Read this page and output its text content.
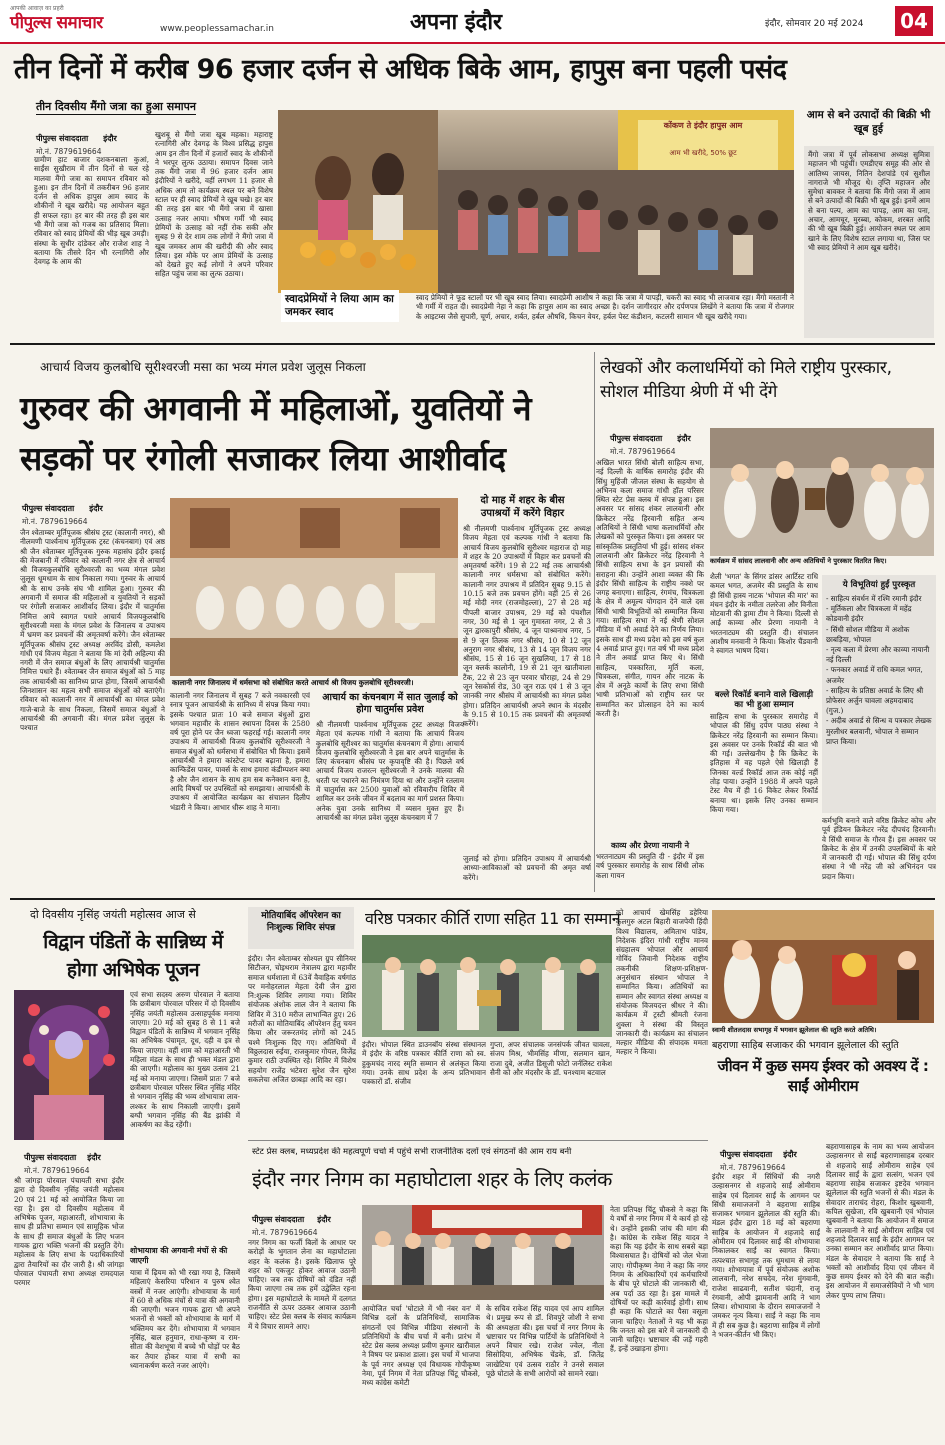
आपकी आवाज़ का प्रहरी
पीपुल्स समाचार	www.peoplessamachar.in	अपना इंदौर	इंदौर, सोमवार 20 मई 2024 04
तीन दिनों में करीब 96 हजार दर्जन से अधिक बिके आम, हापुस बना पहली पसंद
तीन दिवसीय मैंगो जत्रा का हुआ समापन
पीपुल्स संवाददाता इंदौर
मो.नं. 7879619664
ग्रामीण हाट बाजार दशकनबाला कुआं, साईंस सुखीराम में तीन दिनों से चल रहे मालवा मैंगो जत्रा का समापन रविवार को हुआ। इन तीन दिनों में तकरीबन 96 हजार दर्जन से अधिक हापुस आम स्वाद के शौकीनों ने खूब खरीदे। यह आयोजन बहुत ही सफल रहा। हर बार की तरह ही इस बार भी मैंगो जत्रा को गजब का प्रतिसाद मिला। रविवार को स्वाद प्रेमियों की भीड़ खूब उमड़ी। संस्था के सुधीर दांडेकर और राजेश शाह ने बताया कि तीसरे दिन भी रत्नागिरी और देवगढ़ के आम की
खुशबू से मैंगो जत्रा खूब महका। महाराष्ट्र रत्नागिरी और देवगढ़ के विश्व प्रसिद्ध हापुस आम इन तीन दिनों में हजारों स्वाद के शौकीनों ने भरपूर लुत्फ उठाया। समापन दिवस जाने तक मैंगो जत्रा में 96 हजार दर्जन आम इंदौरियों ने खरीदे, वहीं लगभग 11 हजार से अधिक आम तो कार्यक्रम स्थल पर बने विशेष स्टाल पर ही स्वाद प्रेमियों ने खूब चखे। हर बार की तरह इस बार भी मैंगो जत्रा में खासा उत्साह नजर आया। भीषण गर्मी भी स्वाद प्रेमियों के उत्साह को नहीं रोक सकी और सुबह 9 से देर शाम तक लोगों ने मैंगो जत्रा में खूब जमकर आम की खरीदी की और स्वाद लिया। इस मौके पर आम प्रेमियों के उत्साह को देखते हुए कई लोगों ने अपने परिवार सहित पहुंच जत्रा का लुत्फ उठाया।
कोंकण ते इंदौर हापुस आम
आम भी खरीदे, 50% छूट
स्वादप्रेमियों ने लिया आम का जमकर स्वाद
स्वाद प्रेमियों ने फूड स्टालों पर भी खूब स्वाद लिया। स्वादप्रेमी आशीष ने कहा कि जत्रा में पापड़ी, चकरी का स्वाद भी लाजवाब रहा। मैंगो मस्तानी ने भी गर्मी में राहत दी। स्वादप्रेमी नेहा ने कहा कि हापुस आम का स्वाद अच्छा है। दर्शन जागीरदार और दर्पणपत्र लिखेंगे ने बताया कि जत्रा में रोजगार के आइटम्स जैसे सुपारी, चूर्ण, अचार, शर्बत, हर्बल औषधि, किचन वेयर, हर्बल पेस्ट कंडीशन, कटलरी सामान भी खूब खरीदे गया।
आम से बने उत्पादों की बिक्री भी खूब हुई
मैंगो जत्रा में पूर्व लोकसभा अध्यक्ष सुमित्रा महाजन भी पहुंचीं। एमडीएच समूह की ओर से आतिथ्य जायस, नितिन देशपांडे एवं सुशील नागराजे भी मौजूद थे। तृप्ति महाजन और सुमेधा बावकर ने बताया कि मैंगो जत्रा में आम से बने उत्पादों की बिक्री भी खूब हुई। इनमें आम से बना पल्प, आम का पापड़, आम का पना, अचार, आमचूर, मुरब्बा, कोकम, शरबत आदि की भी खूब बिक्री हुई। आयोजन स्थल पर आम खाने के लिए विशेष स्टाल लगाया था, जिस पर भी स्वाद प्रेमियों ने आम खूब खरीदे।
आचार्य विजय कुलबोधि सूरीश्वरजी मसा का भव्य मंगल प्रवेश जुलूस निकला
गुरुवर की अगवानी में महिलाओं, युवतियों ने
सड़कों पर रंगोली सजाकर लिया आशीर्वाद
पीपुल्स संवाददाता इंदौर
मो.नं. 7879619664
जैन श्वेताम्बर मूर्तिपूजक श्रीसंघ ट्रस्ट (कालानी नगर), श्री नीलमणी पार्श्वनाथ मूर्तिपूजक ट्रस्ट (कंचनबाग) एवं अष्ठ श्री जैन श्वेताम्बर मूर्तिपूजक गुरुक महासंघ इंदौर इकाई की मेजबानी में रविवार को कालानी नगर क्षेत्र से आचार्य श्री विजयकुलबोधि सूरीश्वरजी का भव्य मंगल प्रवेश जुलूस धूमधाम के साथ निकाला गया। गुरुवर के आचार्य श्री के साथ उनके संघ भी शामिल हुआ। गुरुवर की अगवानी में समाज की महिलाओं व युवतियों ने सड़कों पर रंगोली सजाकर आशीर्वाद लिया। इंदौर में चातुर्मास निमित्त आये स्वागत पधारे आचार्य विजयकुलबोधि सूरीश्वरजी मसा के मंगल प्रवेश के जिनालय व उपाश्रय में भ्रमण कर प्रवचनों की अमृतवर्षा करेंगे। जैन श्वेताम्बर मूर्तिपूजक श्रीसंघ ट्रस्ट अध्यक्ष अरविंद डोसी, कमलेश गांधी एवं विजय मेहता ने बताया कि मां देवी अहिल्या की नगरी में जैन समाज बंधुओं के लिए आचार्यश्री चातुर्मास निमित्त पधारे हैं। श्वेताम्बर जैन समाज बंधुओं को 5 माह तक आचार्यश्री का सानिध्य प्राप्त होगा, जिसमें आचार्यश्री जिनशासन का महत्व सभी समाज बंधुओं को बताएंगे। रविवार को कालानी नगर में आचार्यश्री का मंगल प्रवेश गाजे-बाजे के साथ निकला, जिसमें समाज बंधुओं ने आचार्यश्री की अगवानी की। मंगल प्रवेश जुलूस के पश्चात
कालानी नगर जिनालय में धर्मसभा को संबोधित करते आचार्य श्री विजय कुलबोधि सूरीश्वरजी।
कालानी नगर जिनालय में सुबह 7 बजे नवकारसी एवं स्नात्र पूजन आचार्यश्री के सानिध्य में संपन्न किया गया। इसके पश्चात प्रातः 10 बजे समाज बंधुओं द्वारा भगवान महावीर के शासन स्थापना दिवस के 2580 वर्ष पूरा होने पर जैन ध्वजा फहराई गई। कालानी नगर उपाश्रय में आचार्यश्री विजय कुलबोधि सूरीश्वरजी ने समाज बंधुओं को धर्मसभा में संबोधित भी किया। इसमें आचार्यश्री ने हमारा कांस्टेप्ट पावर बढ़ाना है, हमारा कान्फिडेंस पावर, पावर्स के साथ हमारा कंडीम्पशन क्या है और जैन शासन के साथ हम सब कनेक्शन बना है, आदि विषयों पर उपस्थितों को समझाया। आचार्यश्री के उपाश्रय में आयोजित कार्यक्रम का संचालन दिलीप भंडारी ने किया। आभार धीरू शाह ने माना।
आचार्य का कंचनबाग में सात जुलाई को होगा चातुर्मास प्रवेश
श्री नीलमणी पार्श्वनाथ मूर्तिपूजक ट्रस्ट अध्यक्ष विजय मेहता एवं कल्पक गांधी ने बताया कि आचार्य विजय कुलबोधि सूरीश्वर का चातुर्मास कंचनबाग में होगा। आचार्य विजय कुलबोधि सूरीश्वरजी ने इस बार अपने चातुर्मास के लिए कंचनबाग श्रीसंघ पर कृपावृष्टि की है। पिछले वर्ष आचार्य विजय राजरत्न सूरीश्वरजी ने उनके मालवा की धरती पर पधारने का निमंत्रण दिया था और उन्होंने रतलाम में चातुर्मास कर 2500 युवाओं को रविवारीय शिविर में शामिल कर उनके जीवन में बदलाव का मार्ग प्रशस्त किया। अनेक युवा उनके सानिध्य में व्यसन मुक्त हुए हैं। आचार्यश्री का मंगल प्रवेश जुलूस कंचनबाग में 7
दो माह में शहर के बीस उपाश्रयों में करेंगे विहार
श्री नीलमणी पार्श्वनाथ मूर्तिपूजक ट्रस्ट अध्यक्ष विजय मेहता एवं कल्पक गांधी ने बताया कि आचार्य विजय कुलबोधि सूरीश्वर महाराज दो माह में शहर के 20 उपाश्रयों में विहार कर प्रवचनों की अमृतवर्षा करेंगे। 19 से 22 मई तक आचार्यश्री कालानी नगर धर्मसभा को संबोधित करेंगे। कालानी नगर उपाश्रय में प्रतिदिन सुबह 9.15 से 10.15 बजे तक प्रवचन होंगे। वहीं 25 से 26 मई मोदी नगर (राजमोहल्ला), 27 से 28 मई पीपली बाजार उपाश्रय, 29 मई को पंचशील नगर, 30 मई से 1 जून गुमास्ता नगर, 2 से 3 जून द्वारकापुरी श्रीसंघ, 4 जून पाश्र्वनाथ नगर, 5 से 9 जून तिलक नगर श्रीसंघ, 10 से 12 जून अनुराग नगर श्रीसंघ, 13 से 14 जून विजय नगर श्रीसंघ, 15 से 16 जून सुखलिया, 17 से 18 जून क्लर्क कालोनी, 19 से 21 जून खातीवाला टैंक, 22 से 23 जून परवार चौराहा, 24 से 29 जून रेसकोर्स रोड, 30 जून राऊ एवं 1 से 3 जून जानकी नगर श्रीसंघ में आचार्यश्री का मंगल प्रवेश होगा। प्रतिदिन आचार्यश्री अपने स्थान के मंदसौर के 9.15 से 10.15 तक प्रवचनों की अमृतवर्षा करेंगे।
जुलाई को होगा। प्रतिदिन उपाश्रय में आचार्यश्री आध्या-आविकाओं को प्रवचनों की अमृत वर्षा करेंगे।
लेखकों और कलाधर्मियों को मिले राष्ट्रीय पुरस्कार, सोशल मीडिया श्रेणी में भी देंगे
पीपुल्स संवाददाता इंदौर
मो.नं. 7879619664
अखिल भारत सिंधी बोली साहित्य सभा, नई दिल्ली के वार्षिक समारोह इंदौर की सिंधु मुहिंजी जीजल संस्था के सहयोग से अभिनव कला समाज गांधी हॉल परिसर स्थित स्टेट प्रेस क्लब में संपन्न हुआ। इस अवसर पर सांसद शंकर लालवानी और क्रिकेटर नरेंद्र हिरवानी सहित अन्य अतिथियों ने सिंधी भाषा कलाधर्मियों और लेखकों को पुरस्कृत किया। इस अवसर पर सांस्कृतिक प्रस्तुतियां भी हुई। सांसद शंकर लालवानी और क्रिकेटर नरेंद्र हिरवानी ने सिंधी साहित्य सभा के इन प्रयासों की सराहना की। उन्होंने आशा व्यक्त की कि इंदौर सिंधी साहित्य के राष्ट्रीय नक्शे पर जगह बनाएगा। साहित्य, रंगमंच, चित्रकला के क्षेत्र में अमूल्य योगदान देने वाले दस सिंधी भाषी विभूतियों को सम्मानित किया गया। साहित्य सभा ने नई श्रेणी सोशल मीडिया में भी अवार्ड देने का निर्णय लिया। इसके साथ ही मध्य प्रदेश को इस वर्ष कुल 4 अवार्ड प्राप्त हुए। गत वर्ष भी मध्य प्रदेश ने तीन अवार्ड प्राप्त किए थे। सिंधी साहित्य, पत्रकारिता, मूर्ति कला, चित्रकला, संगीत, गायन और नाटक के क्षेत्र में अनूठे कार्यों के लिए सभा सिंधी भाषी प्रतिभाओं को राष्ट्रीय स्तर पर सम्मानित कर प्रोत्साहन देने का कार्य करती है।
काव्य और प्रेरणा नायानी ने
भरतनाट्यम की प्रस्तुति दी - इंदौर में इस वर्ष पुरस्कार समारोह के साथ सिंधी लोक कला गायन
कार्यक्रम में सांसद लालवानी और अन्य अतिथियों ने पुरस्कार वितरित किए।
शैली 'भगत' के सिंगर डांसर आर्टिस्ट राधि कमल भगत, अजमेर की प्रस्तुति के साथ ही सिंधी हास्य नाटक 'भोपाल की मार' का मंचन इंदौर के नमीता तलरेजा और विनीता मोटवानी की ड्रामा टीम ने किया। दिल्ली से आई काव्या और प्रेरणा नायानी ने भरतनाट्यम की प्रस्तुति दी। संचालन आशीष मनवानी ने किया। किशोर चैंडवानी ने स्वागत भाषण दिया।
बल्ले रिकॉर्ड बनाने वाले खिलाड़ी का भी हुआ सम्मान
साहित्य सभा के पुरस्कार समारोह में भोपाल की सिंधु दर्पण पाठ्य संस्था ने क्रिकेटर नरेंद्र हिरवानी का सम्मान किया। इस अवसर पर उनके रिकॉर्ड की बात भी की गई। उल्लेखनीय है कि क्रिकेट के इतिहास में वह पहले ऐसे खिलाड़ी हैं जिनका वर्ल्ड रिकॉर्ड आज तक कोई नहीं तोड़ पाया। उन्होंने 1988 में अपने पहले टेस्ट मैच में ही 16 विकेट लेकर रिकॉर्ड बनाया था। इसके लिए उनका सम्मान किया गया।
कर्मभूमि बनाने वाले वरिष्ठ क्रिकेट कोच और पूर्व इंडियन क्रिकेटर नरेंद्र दीपचंद हिरवानी। वे सिंधी समाज के गौरव हैं। इस अवसर पर क्रिकेट के क्षेत्र में उनकी उपलब्धियों के बारे में जानकारी दी गई। भोपाल की सिंधु दर्पण संस्था ने भी नरेंद्र जी को अभिनंदन पत्र प्रदान किया।
ये विभूतियां हुईं पुरस्कृत
- साहित्य संवर्धन में रश्मि रमानी इंदौर
- मूर्तिकला और चित्रकला में महेंद्र कोडवानी इंदौर
- सिंधी सोशल मीडिया में अशोक छाबड़िया, भोपाल
- नृत्य कला में प्रेरणा और काव्या नायानी नई दिल्ली
- फनकार अवार्ड में राधि कमल भगत, अजमेर
- साहित्य के प्रतिष्ठा अवार्ड के लिए श्री प्रोफेसर अर्जुन चावला अहमदाबाद (गुज.)
- अदीब अवार्ड से सिन्ध व पत्रकार लेखक मुरलीधर बलवानी, भोपाल ने सम्मान प्राप्त किया।
दो दिवसीय नृसिंह जयंती महोत्सव आज से
विद्वान पंडितों के सान्निध्य में होगा अभिषेक पूजन
पीपुल्स संवाददाता इंदौर
मो.नं. 7879619664
श्री जांगड़ा पोरवाल पंचायती सभा इंदौर द्वारा दो दिवसीय नृसिंह जयंती महोत्सव 20 एवं 21 मई को आयोजित किया जा रहा है। इस दो दिवसीय महोत्सव में अभिषेक पूजन, महाआरती, शोभायात्रा के साथ ही प्रतिभा सम्मान एवं सामूहिक भोज के साथ ही समाज बंधुओं के लिए भजन गायक द्वारा भक्ति भजनों की प्रस्तुति देंगे। महोत्सव के लिए सभा के पदाधिकारियों द्वारा तैयारियों का दौर जारी है। श्री जांगड़ा पोरवाल पंचायती सभा अध्यक्ष रामदयाल परमार
एवं सभा सदस्य अरुण पोरवाल ने बताया कि छत्रीबाग पोरवाल परिसर में दो दिवसीय नृसिंह जयंती महोत्सव उत्साहपूर्वक मनाया जाएगा। 20 मई को सुबह 8 से 11 बजे विद्वान पंडितों के सान्निध्य में भगवान नृसिंह का अभिषेक पंचामृत, दूध, दही व इत्र से किया जाएगा। वहीं शाम को महाआरती भी महिला मंडल के साथ ही भक्त मंडल द्वारा की जाएगी। महोत्सव का मुख्य उत्सव 21 मई को मनाया जाएगा। जिसमें प्रातः 7 बजे छत्रीबाग पोरवाल परिसर स्थित नृसिंह मंदिर से भगवान नृसिंह की भव्य शोभायात्रा लाव-लश्कर के साथ निकाली जाएगी। इसमें बग्घी भगवान नृसिंह की बैंड झांकी में आकर्षण का केंद्र रहेंगी।
शोभायात्रा की अगवानी मंचों से की जाएगी
यात्रा में ढ़ियम को भी रखा गया है, जिसमें महिलाएं केसरिया परिधान व पुरुष श्वेत वस्त्रों में नजर आएंगी। शोभायात्रा के मार्ग में 60 से अधिक मंचों से यात्रा की अगवानी की जाएगी। भजन गायक द्वारा भी अपने भजनों से भक्तों को शोभायात्रा के मार्ग में भक्तिमय कर देंगे। शोभायात्रा में भगवान नृसिंह, बाल हनुमान, राधा-कृष्ण व राम-सीता की वेशभूषा में बच्चे भी घोड़ों पर बैठ कर तैयार होकर यात्रा में सभी का ध्यानाकर्षण करते नजर आएंगे।
मोतियाबिंद ऑपरेशन का निःशुल्क शिविर संपन्न
इंदौर। जैन श्वेताम्बर सोश्यल ग्रुप सीनियर सिटीजन, चोइथराम नेत्रालय द्वारा महावीर समाज धर्मशाला में 63वें वैवाहिक वर्षगांठ पर मनोहरलाल मेहता देवी जैन द्वारा नि:शुल्क शिविर लगाया गया। शिविर संयोजक अंशोक लाल जैन ने बताया कि शिविर में 310 मरीज लाभान्वित हुए। 26 मरीजों का मोतियाबिंद ऑपरेशन हेतु चयन किया और जरूरतमंद लोगों को 245 चश्मे निःशुल्क दिए गए। अतिथियों में विठ्ठलदास रुईया, राजकुमार गोयल, विजेंद्र कुमार राठी उपस्थित रहे। शिविर में विशेष सहयोग राजेंद्र भटेवरा सुरेश जैन सुरेश सकलेचा अजित छाबड़ा आदि का रहा।
वरिष्ठ पत्रकार कीर्ति राणा सहित 11 का सम्मान
इंदौर। भोपाल स्थित डाउनबॉय संस्था संस्थानल में इंदौर के वरिष्ठ पत्रकार कीर्ति राणा को स्व. हुकुमचंद नारद स्मृति सम्मान से अलंकृत किया गया। उनके साथ प्रदेश के अन्य प्रतिभावान पत्रकारों डॉ. संजीव
गुप्ता, अपर संचालक जनसंपर्क जीवत चावला, संजय मिश्र, भीमसिंह मीणा, सलमान खान, राजा दुबे, अजीत डिसूजी फोटो जर्नलिस्ट राकेश सैनी को और मंदसौर के डॉ. घनश्याम बटवाल
को आचार्य खेमसिंह डहेरिया कुलगुरु अटल बिहारी वाजपेयी हिंदी विश्व विद्यालय, अमिताभ पांडेय, निदेशक इंदिरा गांधी राष्ट्रीय मानव संग्रहालय भोपाल और आचार्य गोविंद जिवानी निदेशक राष्ट्रीय तकनीकी शिक्षण-प्रशिक्षण-अनुसंधान संस्थान भोपाल ने सम्मानित किया। अतिथियों का सम्मान और स्वागत संस्था अध्यक्ष व संयोजक विजयदत्त श्रीधर ने की। कार्यक्रम में ट्रस्टी श्रीमती रंजना शुक्ला ने संस्था की विस्तृत जानकारी दी। कार्यक्रम का संचालन मल्हार मीडिया की संपादक ममता मल्हार ने किया।
स्वामी शीतलदास सभागृह में भगवान झूलेलाल की स्तुति करते अतिथि।
बहराणा साहिब सजाकर की भगवान झूलेलाल की स्तुति
जीवन में कुछ समय ईश्वर को अवश्य दें : साईं ओमीराम
पीपुल्स संवाददाता इंदौर
मो.नं. 7879619664
इंदौर शहर में सिंधियों की नगरी उल्हासनगर से शहजादे साईं ओमीराम साहेब एवं दिलावर साईं के आगमन पर सिंधी समाजजनों ने बहराणा साहिब सजाकर भगवान झूलेलाल की स्तुति की। मंडल इंदौर द्वारा 18 मई को बहराणा साहिब के आयोजन में शहजादे साईं ओमीराम एवं दिलावर साईं की शोभायात्रा निकालकर साईं का स्वागत किया। तत्पश्चात सभागृह तक धूमधाम से लाया गया। शोभायात्रा में पूर्व संयोजक अशोक लालवानी, नरेश सचदेव, नरेश मुंगवानी, राजेश साढवानी, सतीश चंदानी, राजू रंगवानी, ओपी झामनानी आदि ने भाग लिया। शोभायात्रा के दौरान समाजजनों ने जमकर नृत्य किया। साईं ने कहा कि नाम में ही सब कुछ है। बहराणा साहिब में लोगों ने भजन-कीर्तन भी किए।
बहराणासाहब के नाम का भव्य आयोजन उल्हासनगर से साईं बहराणासाहब दरबार से शहजादे साईं ओमीराम साहेब एवं दिलावर साईं के द्वारा सत्संग, भजन एवं बहराणा साहेब सजाकर इष्टदेव भगवान झूलेलाल की स्तुति भजनों से की। मंडल के सेवादार ताराचंद रोहरा, किशोर खुबवानी, कपिल सुखेजा, रवि खुबवानी एवं भोपाल खुबवानी ने बताया कि आयोजन में समाज के लालवानी ने साईं ओमीराम साहिब एवं शहजादे दिलावर साईं के इंदौर आगमन पर उनका सम्मान कर आशीर्वाद प्राप्त किया। मंडल के सेवादार ने बताया कि साईं ने भक्तों को आशीर्वाद दिया एवं जीवन में कुछ समय ईश्वर को देने की बात कही। इस आयोजन में समाजसेवियों ने भी भाग लेकर पुण्य लाभ लिया।
स्टेट प्रेस क्लब, मध्यप्रदेश की महत्वपूर्ण चर्चा में पहुंचे सभी राजनीतिक दलों एवं संगठनों की आम राय बनी
इंदौर नगर निगम का महाघोटाला शहर के लिए कलंक
पीपुल्स संवाददाता इंदौर
मो.नं. 7879619664
नगर निगम का फर्जी बिलों के आधार पर करोड़ों के भुगतान लेना का महाघोटाला शहर के कलंक है। इसके खिलाफ पूरे शहर को एकजुट होकर आवाज उठानी चाहिए। जब तक दोषियों को दंडित नहीं किया जाएगा तब तक हमें उद्वेलित रहना होगा। इस महाघोटाले के मामले में दलगत राजनीति से ऊपर उठकर आवाज उठानी चाहिए। स्टेट प्रेस क्लब के संवाद कार्यक्रम में ये विचार सामने आए।
आयोजित चर्चा 'घोटाले में भी नंबर वन' में विभिन्न दलों के प्रतिनिधियों, सामाजिक संगठनों एवं विभिन्न मीडिया संस्थानों के प्रतिनिधियों के बीच चर्चा में बनी। प्रारंभ में स्टेट प्रेस क्लब अध्यक्ष प्रवीण कुमार खारीवाल ने विषय पर प्रकाश डाला। इस चर्चा में भाजपा के पूर्व नगर अध्यक्ष एवं विधायक गोपीकृष्ण नेमा, पूर्व निगम में नेता प्रतिपक्ष चिंटू चौकसे, मध्य कांग्रेस कमेटी
के सचिव राकेश सिंह यादव एवं आप शामिल थे। प्रमुख रूप से डॉ. शिवपुरे जोशी ने सभा की अध्यक्षता की। इस चर्चा में नगर निगम के भ्रष्टाचार पर विभिन्न पार्टियों के प्रतिनिधियों ने अपने विचार रखे। राजेश ज्वेल, नीता सिसोदिया, अभिषेक चेंडके, डॉ. जितेंद्र जाखेटिया एवं उत्सव राठौर ने उनसे सवाल पूछे घोटाले के सभी आरोपों को सामने रखा।
नेता प्रतिपक्ष चिंटू चौकसे ने कहा कि ये वर्षों से नगर निगम में ये कार्य हो रहे थे। उन्होंने इसकी जांच की मांग की है। कांग्रेस के राकेश सिंह यादव ने कहा कि यह इंदौर के साथ सबसे बड़ा विश्वासघात है। दोषियों को जेल भेजा जाए। गोपीकृष्ण नेमा ने कहा कि नगर निगम के अधिकारियों एवं कर्मचारियों के बीच पूरे घोटाले की जानकारी थी, अब पर्दा उठ रहा है। इस मामले में दोषियों पर कड़ी कार्रवाई होगी। साथ ही कहा कि घोटाले का पैसा वसूला जाना चाहिए। नेताओं ने यह भी कहा कि जनता को इस बारे में जानकारी दी जानी चाहिए। भ्रष्टाचार की जड़ें गहरी हैं, इन्हें उखाड़ना होगा।
